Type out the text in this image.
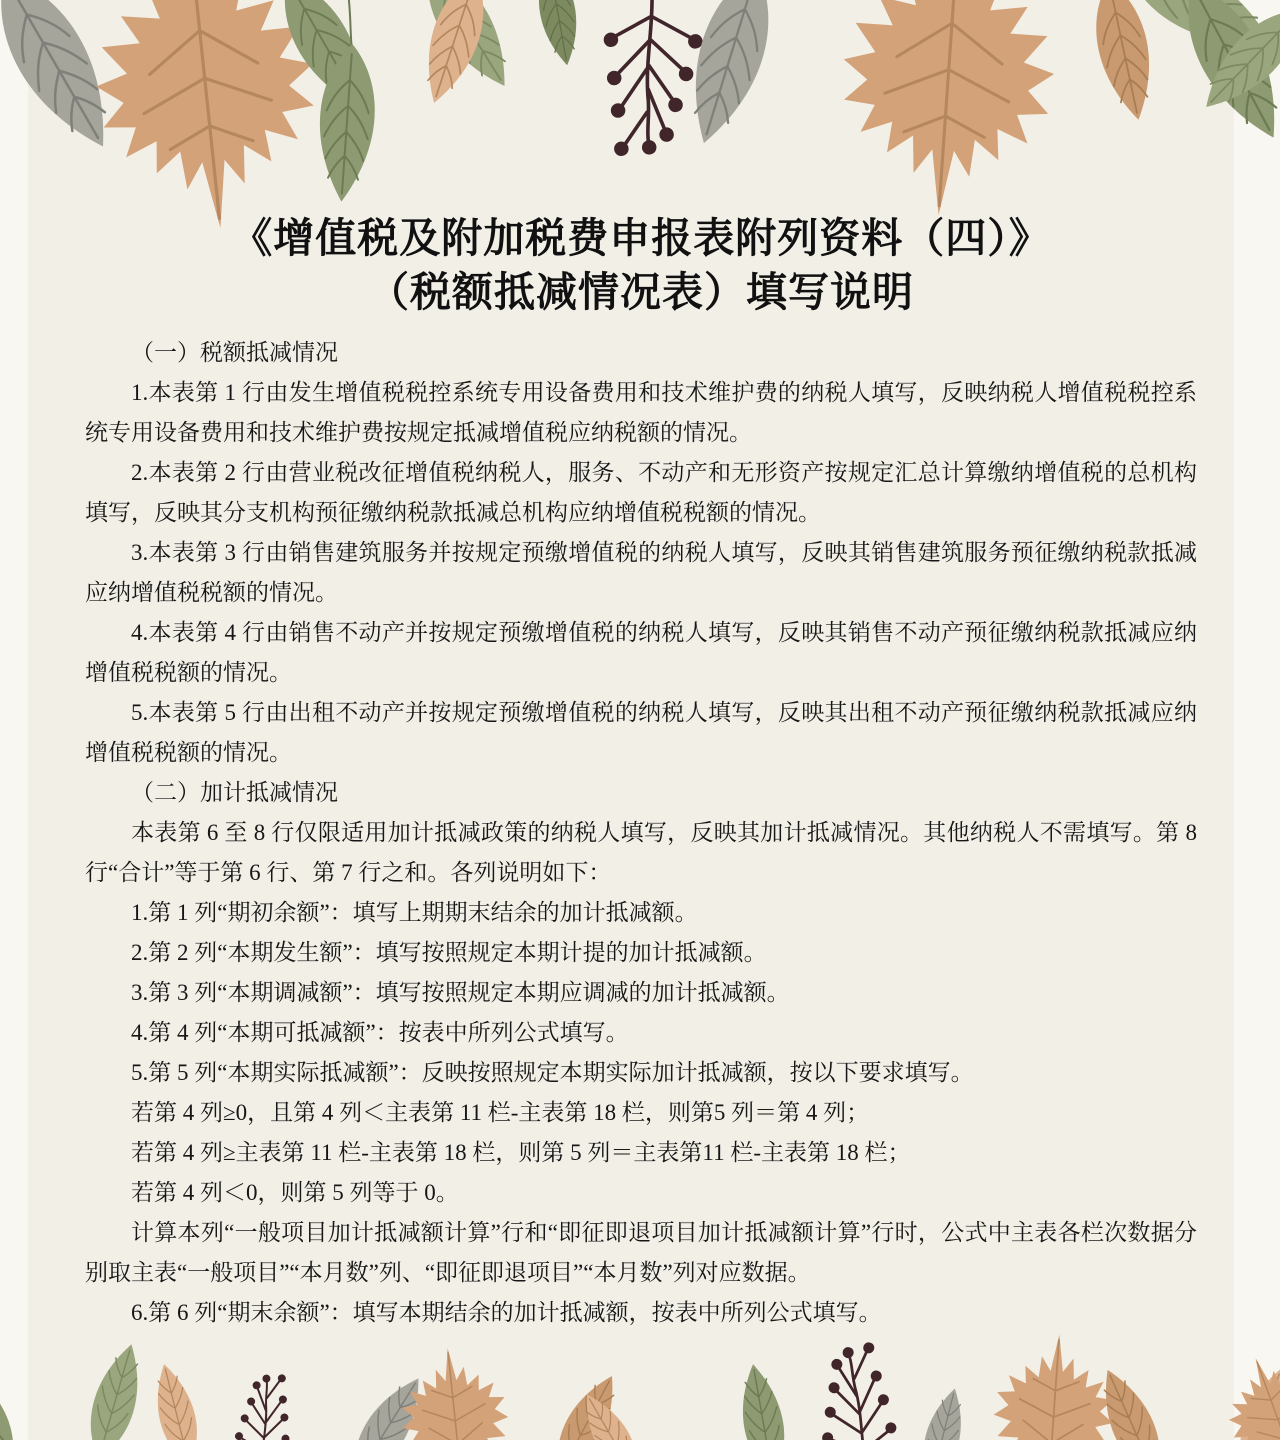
《增值税及附加税费申报表附列资料（四）》
（税额抵减情况表）填写说明

（一）税额抵减情况

1.本表第 1 行由发生增值税税控系统专用设备费用和技术维护费的纳税人填写，反映纳税人增值税税控系统专用设备费用和技术维护费按规定抵减增值税应纳税额的情况。

2.本表第 2 行由营业税改征增值税纳税人，服务、不动产和无形资产按规定汇总计算缴纳增值税的总机构填写，反映其分支机构预征缴纳税款抵减总机构应纳增值税税额的情况。

3.本表第 3 行由销售建筑服务并按规定预缴增值税的纳税人填写，反映其销售建筑服务预征缴纳税款抵减应纳增值税税额的情况。

4.本表第 4 行由销售不动产并按规定预缴增值税的纳税人填写，反映其销售不动产预征缴纳税款抵减应纳增值税税额的情况。

5.本表第 5 行由出租不动产并按规定预缴增值税的纳税人填写，反映其出租不动产预征缴纳税款抵减应纳增值税税额的情况。

（二）加计抵减情况

本表第 6 至 8 行仅限适用加计抵减政策的纳税人填写，反映其加计抵减情况。其他纳税人不需填写。第 8 行“合计”等于第 6 行、第 7 行之和。各列说明如下：

1.第 1 列“期初余额”：填写上期期末结余的加计抵减额。

2.第 2 列“本期发生额”：填写按照规定本期计提的加计抵减额。

3.第 3 列“本期调减额”：填写按照规定本期应调减的加计抵减额。

4.第 4 列“本期可抵减额”：按表中所列公式填写。

5.第 5 列“本期实际抵减额”：反映按照规定本期实际加计抵减额，按以下要求填写。

若第 4 列≥0，且第 4 列＜主表第 11 栏-主表第 18 栏，则第5 列＝第 4 列；

若第 4 列≥主表第 11 栏-主表第 18 栏，则第 5 列＝主表第11 栏-主表第 18 栏；

若第 4 列＜0，则第 5 列等于 0。

计算本列“一般项目加计抵减额计算”行和“即征即退项目加计抵减额计算”行时，公式中主表各栏次数据分别取主表“一般项目”“本月数”列、“即征即退项目”“本月数”列对应数据。

6.第 6 列“期末余额”：填写本期结余的加计抵减额，按表中所列公式填写。
